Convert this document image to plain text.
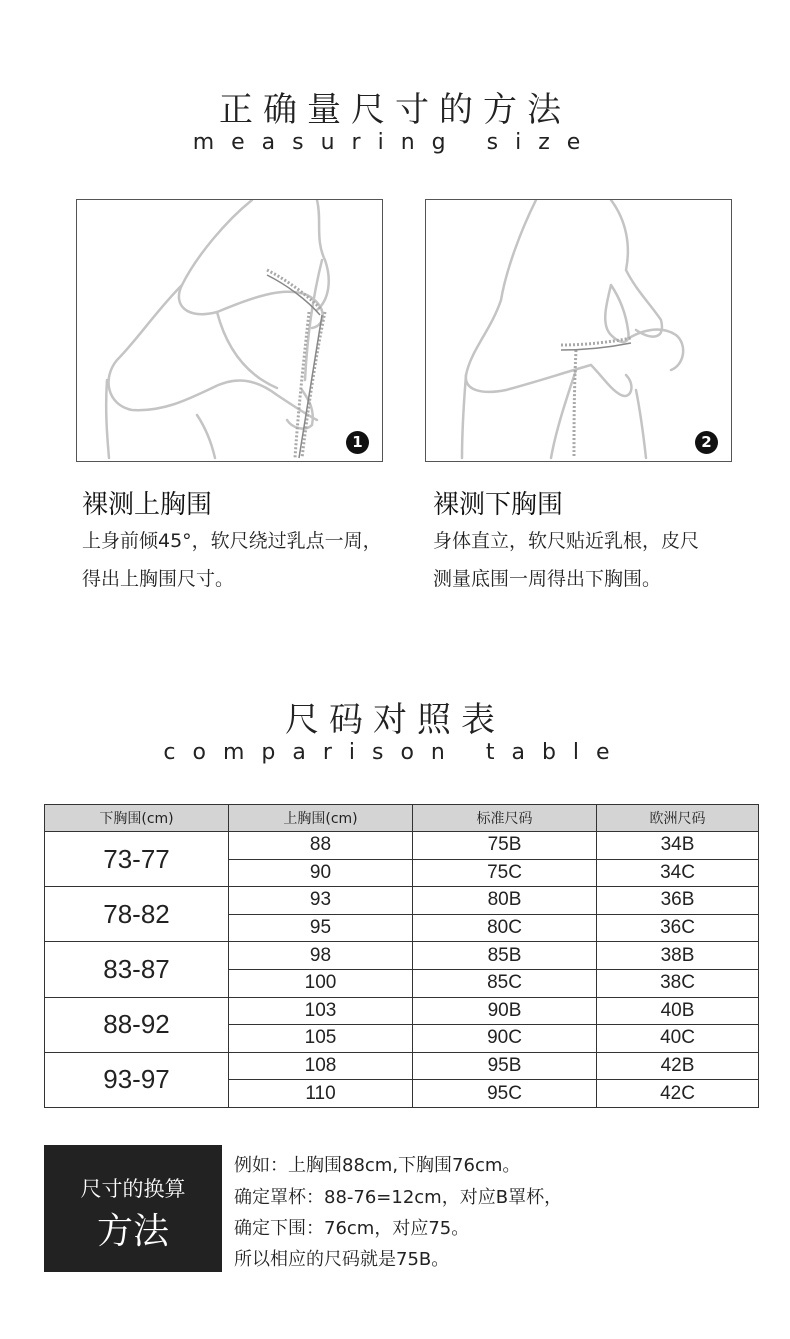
正确量尺寸的方法
measuring size
1	2
裸测上胸围
上身前倾45°，软尺绕过乳点一周，
得出上胸围尺寸。
裸测下胸围
身体直立，软尺贴近乳根，皮尺
测量底围一周得出下胸围。
尺码对照表
comparison table
下胸围(cm)	上胸围(cm)	标准尺码	欧洲尺码
73-77	88	75B	34B
	90	75C	34C
78-82	93	80B	36B
	95	80C	36C
83-87	98	85B	38B
	100	85C	38C
88-92	103	90B	40B
	105	90C	40C
93-97	108	95B	42B
	110	95C	42C
尺寸的换算
方法
例如：上胸围88cm,下胸围76cm。
确定罩杯：88-76=12cm，对应B罩杯，
确定下围：76cm，对应75。
所以相应的尺码就是75B。
